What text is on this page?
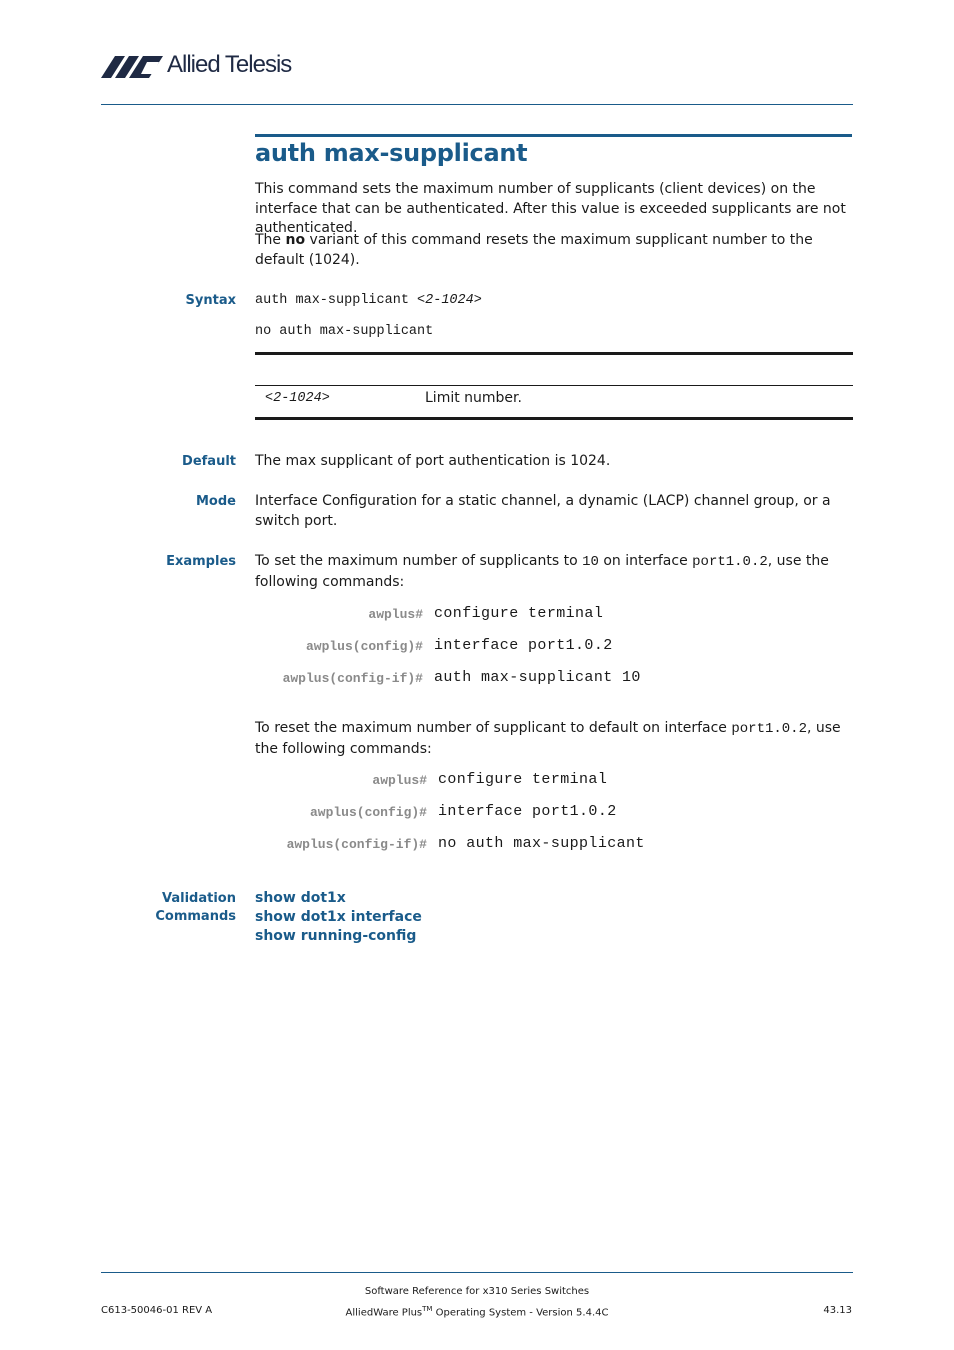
Allied Telesis
auth max-supplicant
This command sets the maximum number of supplicants (client devices) on the interface that can be authenticated. After this value is exceeded supplicants are not authenticated.
The no variant of this command resets the maximum supplicant number to the default (1024).
Syntax auth max-supplicant <2-1024>
no auth max-supplicant
<2-1024>	Limit number.
Default The max supplicant of port authentication is 1024.
Mode Interface Configuration for a static channel, a dynamic (LACP) channel group, or a switch port.
Examples To set the maximum number of supplicants to 10 on interface port1.0.2, use the following commands:
awplus# configure terminal
awplus(config)# interface port1.0.2
awplus(config-if)# auth max-supplicant 10
To reset the maximum number of supplicant to default on interface port1.0.2, use the following commands:
awplus# configure terminal
awplus(config)# interface port1.0.2
awplus(config-if)# no auth max-supplicant
Validation
Commands
show dot1x
show dot1x interface
show running-config
C613-50046-01 REV A
Software Reference for x310 Series Switches
AlliedWare Plus™ Operating System - Version 5.4.4C	43.13
